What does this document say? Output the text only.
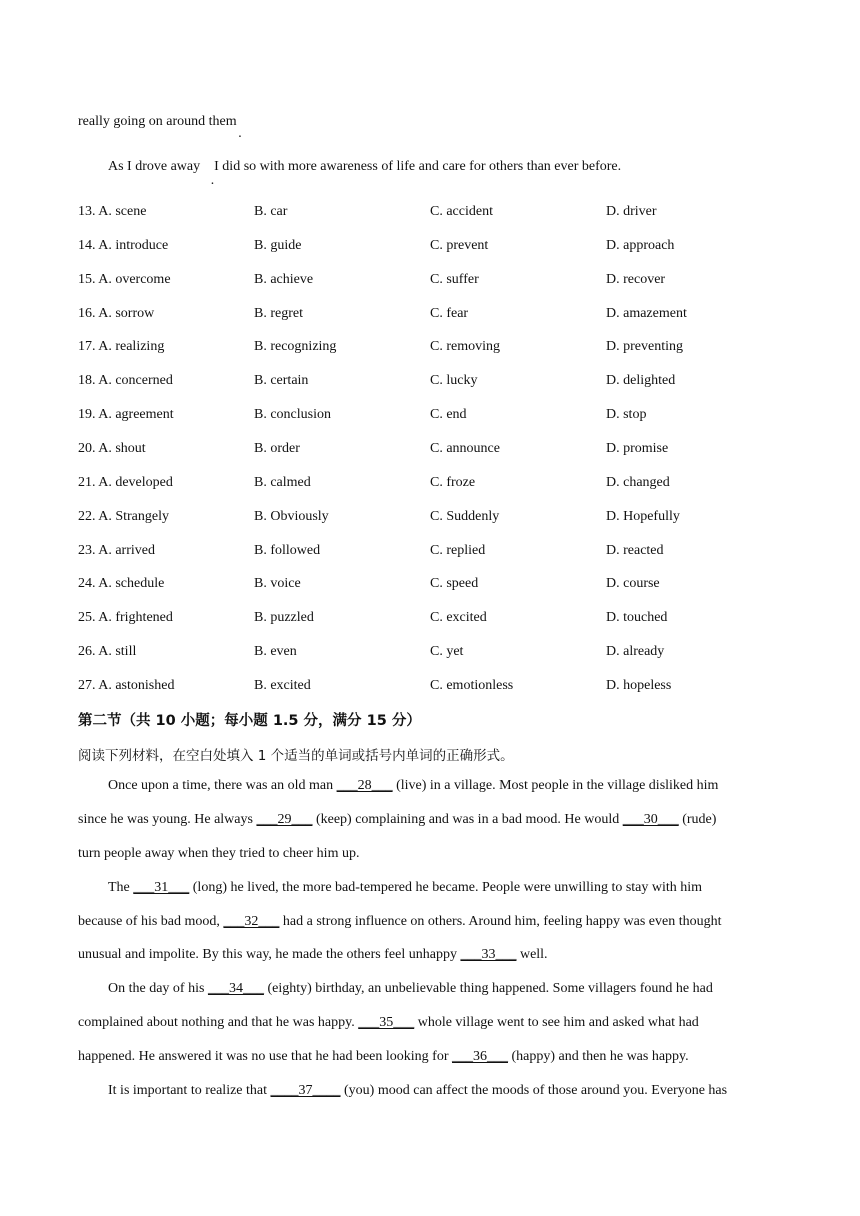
really going on around them
As I drove away I did so with more awareness of life and care for others than ever before.
13. A. scene	B. car	C. accident	D. driver
14. A. introduce	B. guide	C. prevent	D. approach
15. A. overcome	B. achieve	C. suffer	D. recover
16. A. sorrow	B. regret	C. fear	D. amazement
17. A. realizing	B. recognizing	C. removing	D. preventing
18. A. concerned	B. certain	C. lucky	D. delighted
19. A. agreement	B. conclusion	C. end	D. stop
20. A. shout	B. order	C. announce	D. promise
21. A. developed	B. calmed	C. froze	D. changed
22. A. Strangely	B. Obviously	C. Suddenly	D. Hopefully
23. A. arrived	B. followed	C. replied	D. reacted
24. A. schedule	B. voice	C. speed	D. course
25. A. frightened	B. puzzled	C. excited	D. touched
26. A. still	B. even	C. yet	D. already
27. A. astonished	B. excited	C. emotionless	D. hopeless
第二节（共 10 小题；每小题 1.5 分，满分 15 分）
阅读下列材料，在空白处填入 1 个适当的单词或括号内单词的正确形式。
Once upon a time, there was an old man ___28___ (live) in a village. Most people in the village disliked him
since he was young. He always ___29___ (keep) complaining and was in a bad mood. He would ___30___ (rude)
turn people away when they tried to cheer him up.
The ___31___ (long) he lived, the more bad-tempered he became. People were unwilling to stay with him
because of his bad mood, ___32___ had a strong influence on others. Around him, feeling happy was even thought
unusual and impolite. By this way, he made the others feel unhappy ___33___ well.
On the day of his ___34___ (eighty) birthday, an unbelievable thing happened. Some villagers found he had
complained about nothing and that he was happy. ___35___ whole village went to see him and asked what had
happened. He answered it was no use that he had been looking for ___36___ (happy) and then he was happy.
It is important to realize that ____37____ (you) mood can affect the moods of those around you. Everyone has
